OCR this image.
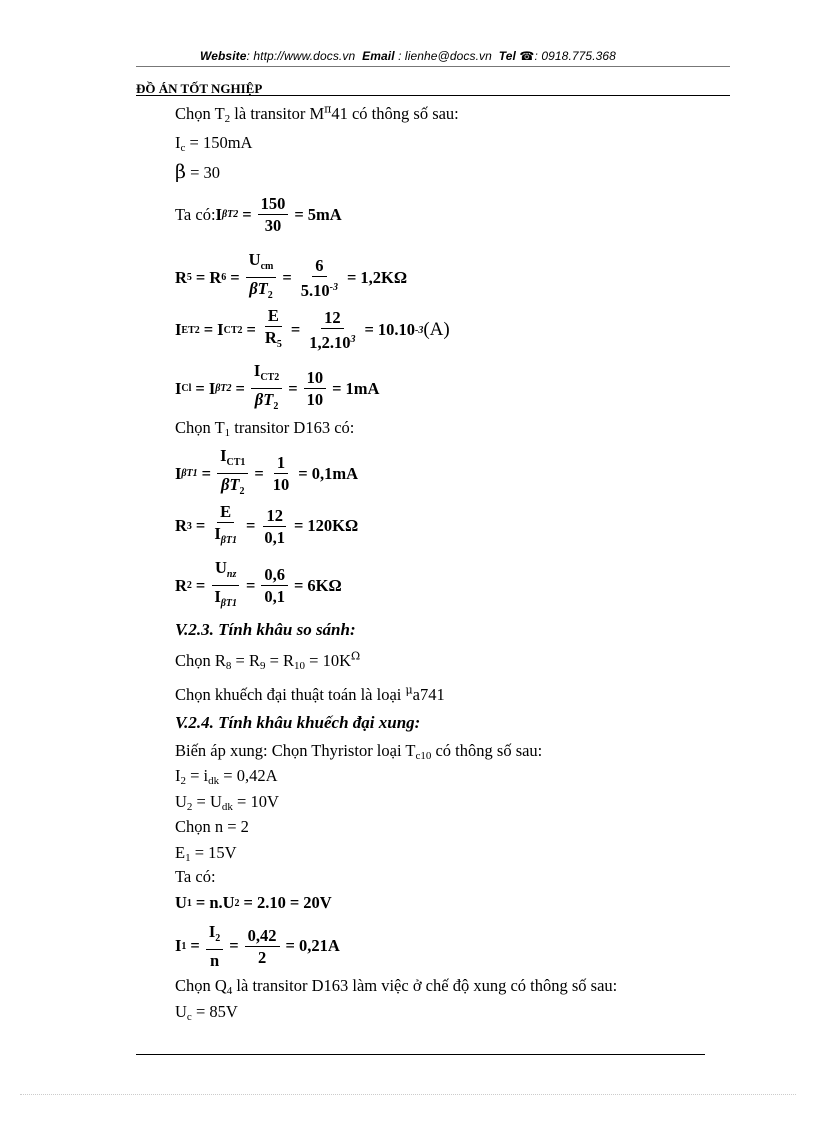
Website: http://www.docs.vn Email : lienhe@docs.vn Tel ☎: 0918.775.368
ĐỒ ÁN TỐT NGHIỆP
Chọn $T_2$ là transitor $M^\pi 41$ có thông số sau:
$I_c = 150mA$
β = 30
Ta có: I $\beta T2 = \frac{150}{30} = 5mA$
R 5 = R $6 = \frac{U_{cm}}{\beta T_2} = \frac{6}{5.10^{-3}} = 1,2K\Omega$
I ET2 = I $CT2 = \frac{E}{R_5} = \frac{12}{1,2.10^3} = 10.10$ -3 (A)
I Cl = I $\beta T2 = \frac{I_{CT2}}{\beta T_2} = \frac{10}{10} = 1mA$
Chọn $T_1$ transitor D163 có:
I $\beta T1 = \frac{I_{CT1}}{\beta T_2} = \frac{1}{10} = 0,1mA$
R $3 = \frac{E}{I_{\beta T1}} = \frac{12}{0,1} = 120K\Omega$
R $2 = \frac{U_{nz}}{I_{\beta T1}} = \frac{0,6}{0,1} = 6K\Omega$
V.2.3. Tính khâu so sánh:
Chọn $R_8 = R_9 = R_{10} = 10K^\Omega$
Chọn khuếch đại thuật toán là loại $^\mu$a741
V.2.4. Tính khâu khuếch đại xung:
Biến áp xung: Chọn Thyristor loại $T_{c10}$ có thông số sau:
$I_2 = i_{dk} = 0,42A$
$U_2 = U_{dk} = 10V$
Chọn n = 2
$E_1 = 15V$
Ta có:
U 1 = n.U 2 = 2.10 = 20V
I $1 = \frac{I_2}{n} = \frac{0,42}{2} = 0,21A$
Chọn $Q_4$ là transitor D163 làm việc ở chế độ xung có thông số sau:
$U_c = 85V$
